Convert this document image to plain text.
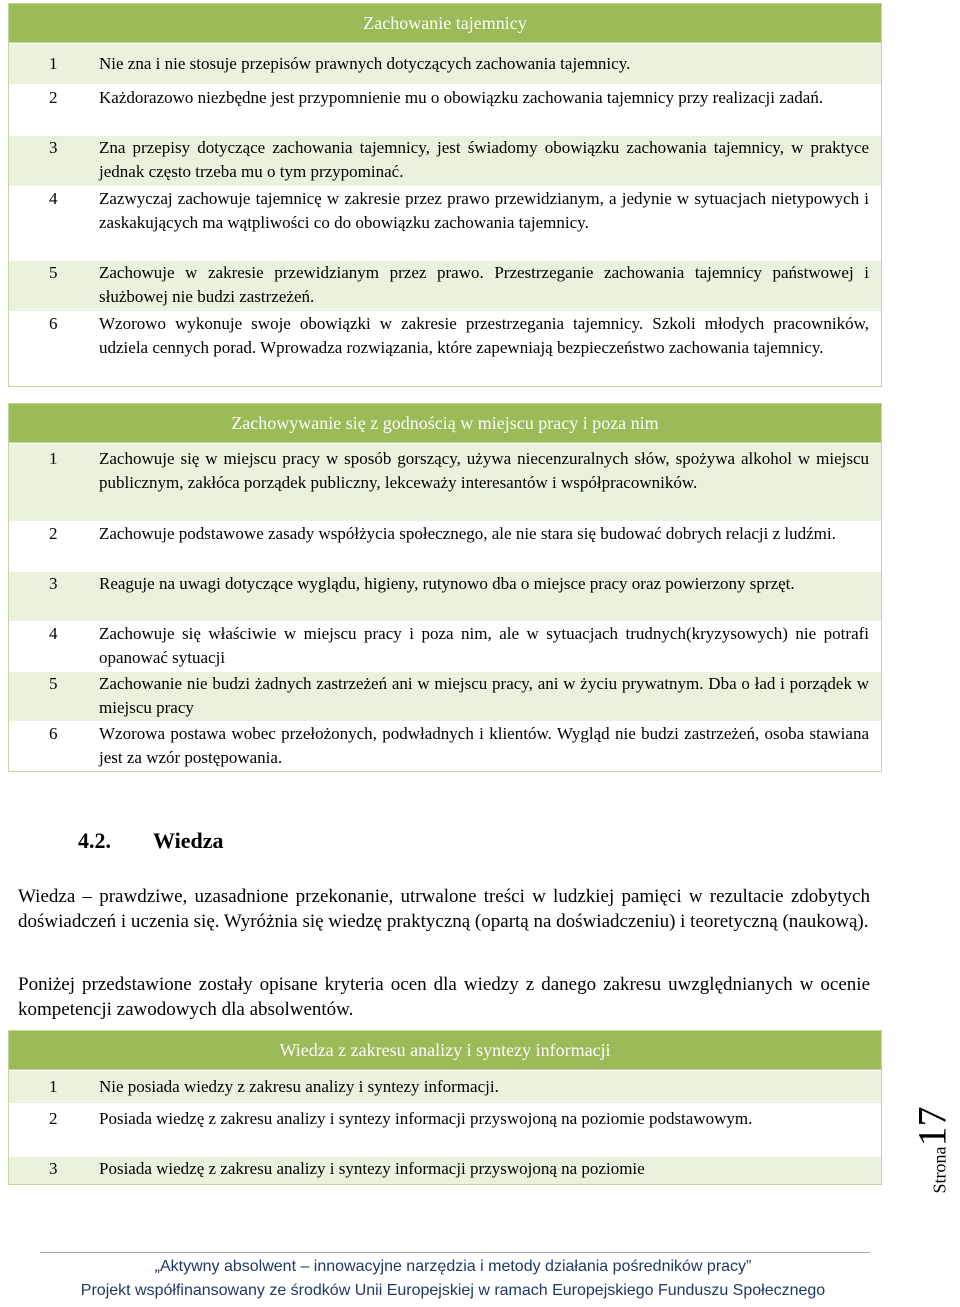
Zachowanie tajemnicy
1	Nie zna i nie stosuje przepisów prawnych dotyczących zachowania tajemnicy.
2	Każdorazowo niezbędne jest przypomnienie mu o obowiązku zachowania tajemnicy przy realizacji zadań.
3	Zna przepisy dotyczące zachowania tajemnicy, jest świadomy obowiązku zachowania tajemnicy, w praktyce jednak często trzeba mu o tym przypominać.
4	Zazwyczaj zachowuje tajemnicę w zakresie przez prawo przewidzianym, a jedynie w sytuacjach nietypowych i zaskakujących ma wątpliwości co do obowiązku zachowania tajemnicy.
5	Zachowuje w zakresie przewidzianym przez prawo. Przestrzeganie zachowania tajemnicy państwowej i służbowej nie budzi zastrzeżeń.
6	Wzorowo wykonuje swoje obowiązki w zakresie przestrzegania tajemnicy. Szkoli młodych pracowników, udziela cennych porad. Wprowadza rozwiązania, które zapewniają bezpieczeństwo zachowania tajemnicy.
Zachowywanie się z godnością w miejscu pracy i poza nim
1	Zachowuje się w miejscu pracy w sposób gorszący, używa niecenzuralnych słów, spożywa alkohol w miejscu publicznym, zakłóca porządek publiczny, lekceważy interesantów i współpracowników.
2	Zachowuje podstawowe zasady współżycia społecznego, ale nie stara się budować dobrych relacji z ludźmi.
3	Reaguje na uwagi dotyczące wyglądu, higieny, rutynowo dba o miejsce pracy oraz powierzony sprzęt.
4	Zachowuje się właściwie w miejscu pracy i poza nim, ale w sytuacjach trudnych(kryzysowych) nie potrafi opanować sytuacji
5	Zachowanie nie budzi żadnych zastrzeżeń ani w miejscu pracy, ani w życiu prywatnym. Dba o ład i porządek w miejscu pracy
6	Wzorowa postawa wobec przełożonych, podwładnych i klientów. Wygląd nie budzi zastrzeżeń, osoba stawiana jest za wzór postępowania.
4.2. Wiedza
Wiedza – prawdziwe, uzasadnione przekonanie, utrwalone treści w ludzkiej pamięci w rezultacie zdobytych doświadczeń i uczenia się. Wyróżnia się wiedzę praktyczną (opartą na doświadczeniu) i teoretyczną (naukową).
Poniżej przedstawione zostały opisane kryteria ocen dla wiedzy z danego zakresu uwzględnianych w ocenie kompetencji zawodowych dla absolwentów.
Wiedza z zakresu analizy i syntezy informacji
1	Nie posiada wiedzy z zakresu analizy i syntezy informacji.
2	Posiada wiedzę z zakresu analizy i syntezy informacji przyswojoną na poziomie podstawowym.
3	Posiada wiedzę z zakresu analizy i syntezy informacji przyswojoną na poziomie	Strona17
„Aktywny absolwent – innowacyjne narzędzia i metody działania pośredników pracy”
Projekt współfinansowany ze środków Unii Europejskiej w ramach Europejskiego Funduszu Społecznego
